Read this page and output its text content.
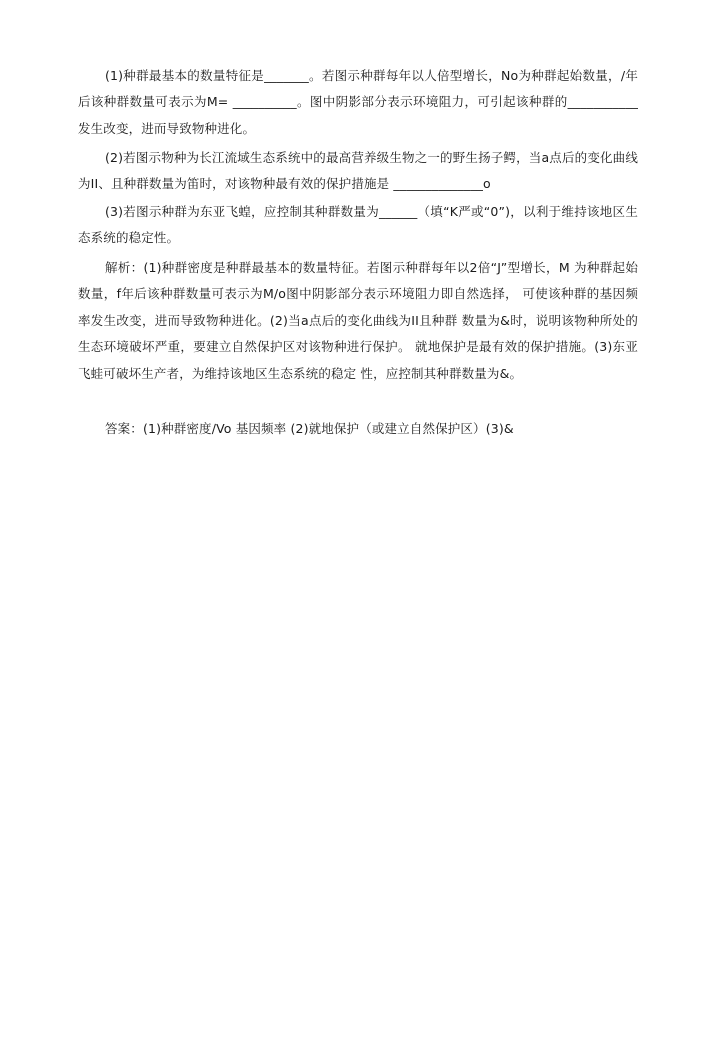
(1)种群最基本的数量特征是_______。若图示种群每年以人倍型增长，No为种群起始数量，/年后该种群数量可表示为M= __________。图中阴影部分表示环境阻力，可引起该种群的___________发生改变，进而导致物种进化。

(2)若图示物种为长江流域生态系统中的最高营养级生物之一的野生扬子鳄，当a点后的变化曲线为II、且种群数量为笛时，对该物种最有效的保护措施是 ______________o

(3)若图示种群为东亚飞蝗，应控制其种群数量为______（填“K严或“0”)，以利于维持该地区生态系统的稳定性。

解析：(1)种群密度是种群最基本的数量特征。若图示种群每年以2倍“J”型增长，M 为种群起始数量，f年后该种群数量可表示为M/o图中阴影部分表示环境阻力即自然选择， 可使该种群的基因频率发生改变，进而导致物种进化。(2)当a点后的变化曲线为II且种群 数量为&时，说明该物种所处的生态环境破坏严重，要建立自然保护区对该物种进行保护。 就地保护是最有效的保护措施。(3)东亚飞蛙可破坏生产者，为维持该地区生态系统的稳定 性，应控制其种群数量为&。

答案：(1)种群密度∕Vo 基因频率 (2)就地保护（或建立自然保护区）(3)&
